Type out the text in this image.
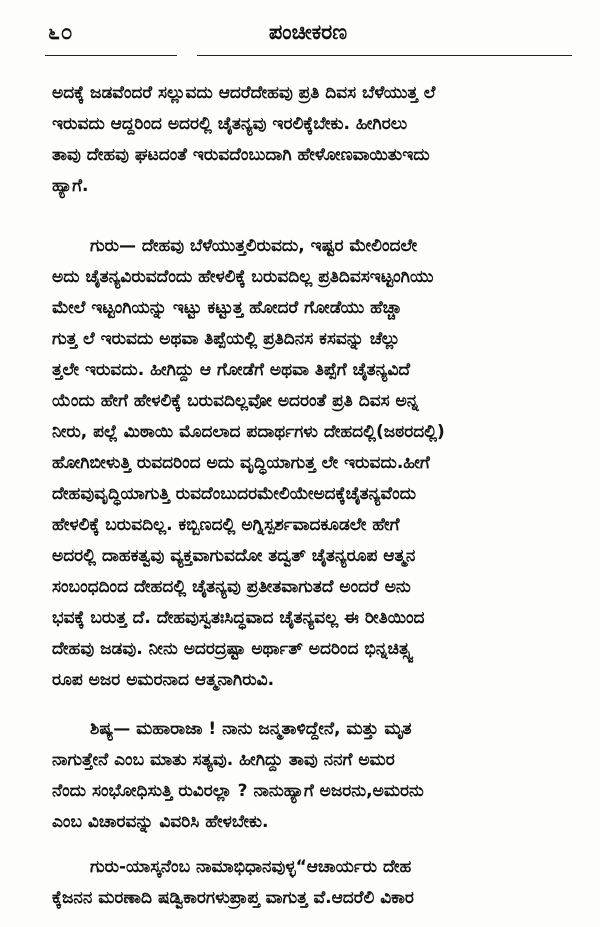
೬೦	ಪಂಚೀಕರಣ
ಅದಕ್ಕೆ ಜಡವೆಂದರೆ ಸಲ್ಲುವದು ಆದರೆದೇಹವು ಪ್ರತಿ ದಿವಸ ಬೆಳೆಯುತ್ತ ಲೆ
ಇರುವದು ಆದ್ದರಿಂದ ಅದರಲ್ಲಿ ಚೈತನ್ಯವು ಇರಲಿಕ್ಕೆಬೇಕು. ಹೀಗಿರಲು
ತಾವು ದೇಹವು ಘಟದಂತೆ ಇರುವದೆಂಬುದಾಗಿ ಹೇಳೋಣವಾಯಿತುಇದು
ಹ್ಯಾಗೆ.
ಗುರು— ದೇಹವು ಬೆಳೆಯುತ್ತಲಿರುವದು, ಇಷ್ಟರ ಮೇಲಿಂದಲೇ
ಅದು ಚೈತನ್ಯವಿರುವದೆಂದು ಹೇಳಲಿಕ್ಕೆ ಬರುವದಿಲ್ಲ ಪ್ರತಿದಿವಸಇಟ್ಟಂಗಿಯು
ಮೇಲೆ ಇಟ್ಟಂಗಿಯನ್ನು ಇಟ್ಟು ಕಟ್ಟುತ್ತ ಹೋದರೆ ಗೋಡೆಯು ಹೆಚ್ಚಾ
ಗುತ್ತ ಲೆ ಇರುವದು ಅಥವಾ ತಿಪ್ಪೆಯಲ್ಲಿ ಪ್ರತಿದಿನಸ ಕಸವನ್ನು ಚೆಲ್ಲು
ತ್ತಲೇ ಇರುವದು. ಹೀಗಿದ್ದು ಆ ಗೋಡೆಗೆ ಅಥವಾ ತಿಪ್ಪೆಗೆ ಚೈತನ್ಯವಿದೆ
ಯೆಂದು ಹೇಗೆ ಹೇಳಲಿಕ್ಕೆ ಬರುವದಿಲ್ಲವೋ ಅದರಂತೆ ಪ್ರತಿ ದಿವಸ ಅನ್ನ
ನೀರು, ಪಲ್ಲೆ ಮಿಠಾಯಿ ಮೊದಲಾದ ಪದಾರ್ಥಗಳು ದೇಹದಲ್ಲಿ(ಜಠರದಲ್ಲಿ)
ಹೋಗಿಬೀಳುತ್ತಿ ರುವದರಿಂದ ಅದು ವೃದ್ಧಿಯಾಗುತ್ತ ಲೇ ಇರುವದು.ಹೀಗೆ
ದೇಹವುವೃದ್ಧಿಯಾಗುತ್ತಿ ರುವದೆಂಬುದರಮೇಲಿಯೇಅದಕ್ಕೆಚೈತನ್ಯವೆಂದು
ಹೇಳಲಿಕ್ಕೆ ಬರುವದಿಲ್ಲ. ಕಬ್ಬಿಣದಲ್ಲಿ ಅಗ್ನಿಸ್ಪರ್ಶವಾದಕೂಡಲೇ ಹೇಗೆ
ಅದರಲ್ಲಿ ದಾಹಕತ್ವವು ವ್ಯಕ್ತವಾಗುವದೋ ತದ್ವತ್ ಚೈತನ್ಯರೂಪ ಆತ್ಮನ
ಸಂಬಂಧದಿಂದ ದೇಹದಲ್ಲಿ ಚೈತನ್ಯವು ಪ್ರತೀತವಾಗುತದೆ ಅಂದರೆ ಅನು
ಭವಕ್ಕೆ ಬರುತ್ತ ದೆ. ದೇಹವುಸ್ವತಃಸಿದ್ಧವಾದ ಚೈತನ್ಯವಲ್ಲ ಈ ರೀತಿಯಿಂದ
ದೇಹವು ಜಡವು. ನೀನು ಅದರದ್ರಷ್ಟಾ ಅರ್ಥಾತ್ ಅದರಿಂದ ಭಿನ್ನಚಿತ್ಸ್ವ
ರೂಪ ಅಜರ ಅಮರನಾದ ಆತ್ಮನಾಗಿರುವಿ.
ಶಿಷ್ಯ— ಮಹಾರಾಜಾ ! ನಾನು ಜನ್ಮತಾಳಿದ್ದೇನೆ, ಮತ್ತು ಮೃತ
ನಾಗುತ್ತೇನೆ ಎಂಬ ಮಾತು ಸತ್ಯವು. ಹೀಗಿದ್ದು ತಾವು ನನಗೆ ಅಮರ
ನೆಂದು ಸಂಭೋಧಿಸುತ್ತಿ ರುವಿರಲ್ಲಾ ? ನಾನುಹ್ಯಾಗೆ ಅಜರನು,ಅಮರನು
ಎಂಬ ವಿಚಾರವನ್ನು ವಿವರಿಸಿ ಹೇಳಬೇಕು.
ಗುರು-ಯಾಸ್ಕನೆಂಬ ನಾಮಾಭಿಧಾನವುಳ್ಳ“ಆಚಾರ್ಯರು ದೇಹ
ಕ್ಕೆಜನನ ಮರಣಾದಿ ಷಡ್ವಿಕಾರಗಳುಪ್ರಾಪ್ತ ವಾಗುತ್ತ ವೆ.ಆದರೆಲಿ ವಿಕಾರ
